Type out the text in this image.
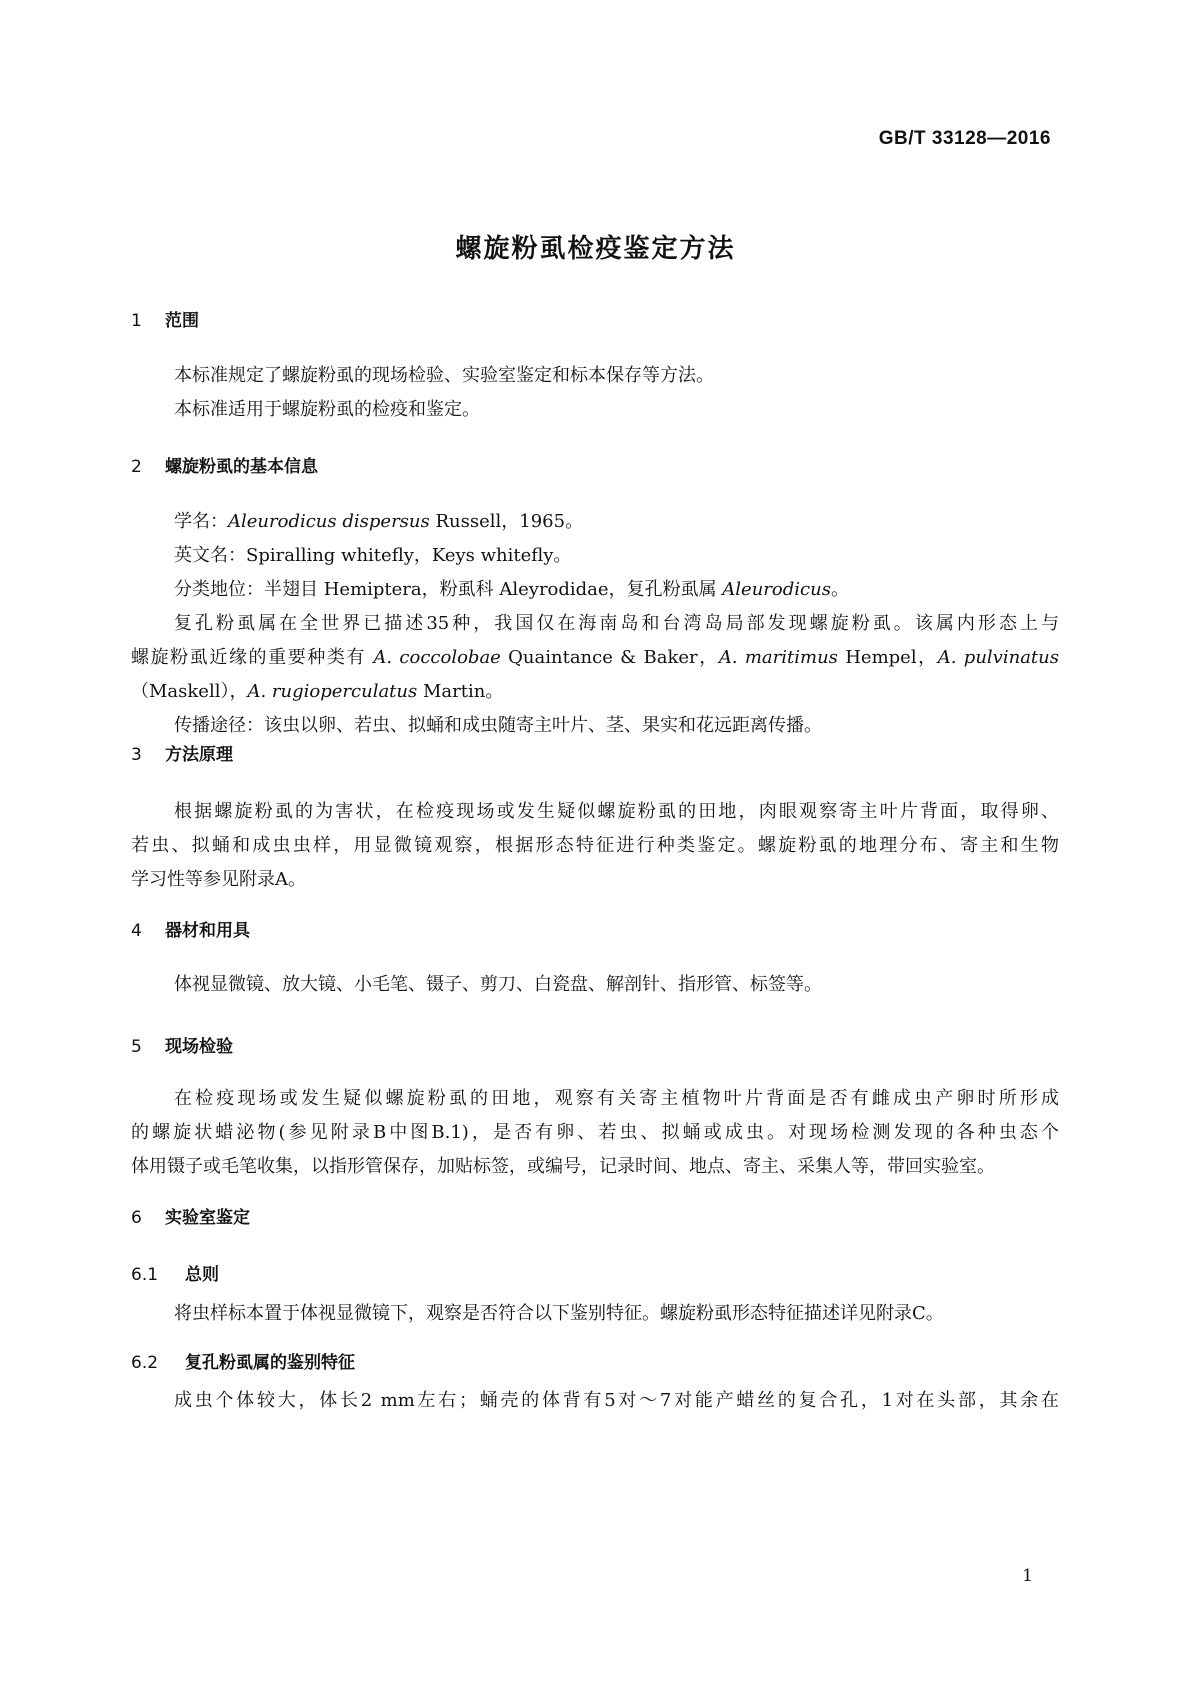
GB/T 33128—2016
螺旋粉虱检疫鉴定方法
1 范围

本标准规定了螺旋粉虱的现场检验、实验室鉴定和标本保存等方法。

本标准适用于螺旋粉虱的检疫和鉴定。

2 螺旋粉虱的基本信息

学名：Aleurodicus dispersus Russell，1965。

英文名：Spiralling whitefly，Keys whitefly。

分类地位：半翅目 Hemiptera，粉虱科 Aleyrodidae，复孔粉虱属 Aleurodicus。

复孔粉虱属在全世界已描述35种，我国仅在海南岛和台湾岛局部发现螺旋粉虱。该属内形态上与

螺旋粉虱近缘的重要种类有 A. coccolobae Quaintance & Baker，A. maritimus Hempel，A. pulvinatus

（Maskell），A. rugioperculatus Martin。

传播途径：该虫以卵、若虫、拟蛹和成虫随寄主叶片、茎、果实和花远距离传播。

3 方法原理

根据螺旋粉虱的为害状，在检疫现场或发生疑似螺旋粉虱的田地，肉眼观察寄主叶片背面，取得卵、

若虫、拟蛹和成虫虫样，用显微镜观察，根据形态特征进行种类鉴定。螺旋粉虱的地理分布、寄主和生物

学习性等参见附录A。

4 器材和用具

体视显微镜、放大镜、小毛笔、镊子、剪刀、白瓷盘、解剖针、指形管、标签等。

5 现场检验

在检疫现场或发生疑似螺旋粉虱的田地，观察有关寄主植物叶片背面是否有雌成虫产卵时所形成

的螺旋状蜡泌物(参见附录B中图B.1)，是否有卵、若虫、拟蛹或成虫。对现场检测发现的各种虫态个

体用镊子或毛笔收集，以指形管保存，加贴标签，或编号，记录时间、地点、寄主、采集人等，带回实验室。

6 实验室鉴定
6.1 总则

将虫样标本置于体视显微镜下，观察是否符合以下鉴别特征。螺旋粉虱形态特征描述详见附录C。

6.2 复孔粉虱属的鉴别特征

成虫个体较大，体长2 mm左右；蛹壳的体背有5对～7对能产蜡丝的复合孔，1对在头部，其余在

1
